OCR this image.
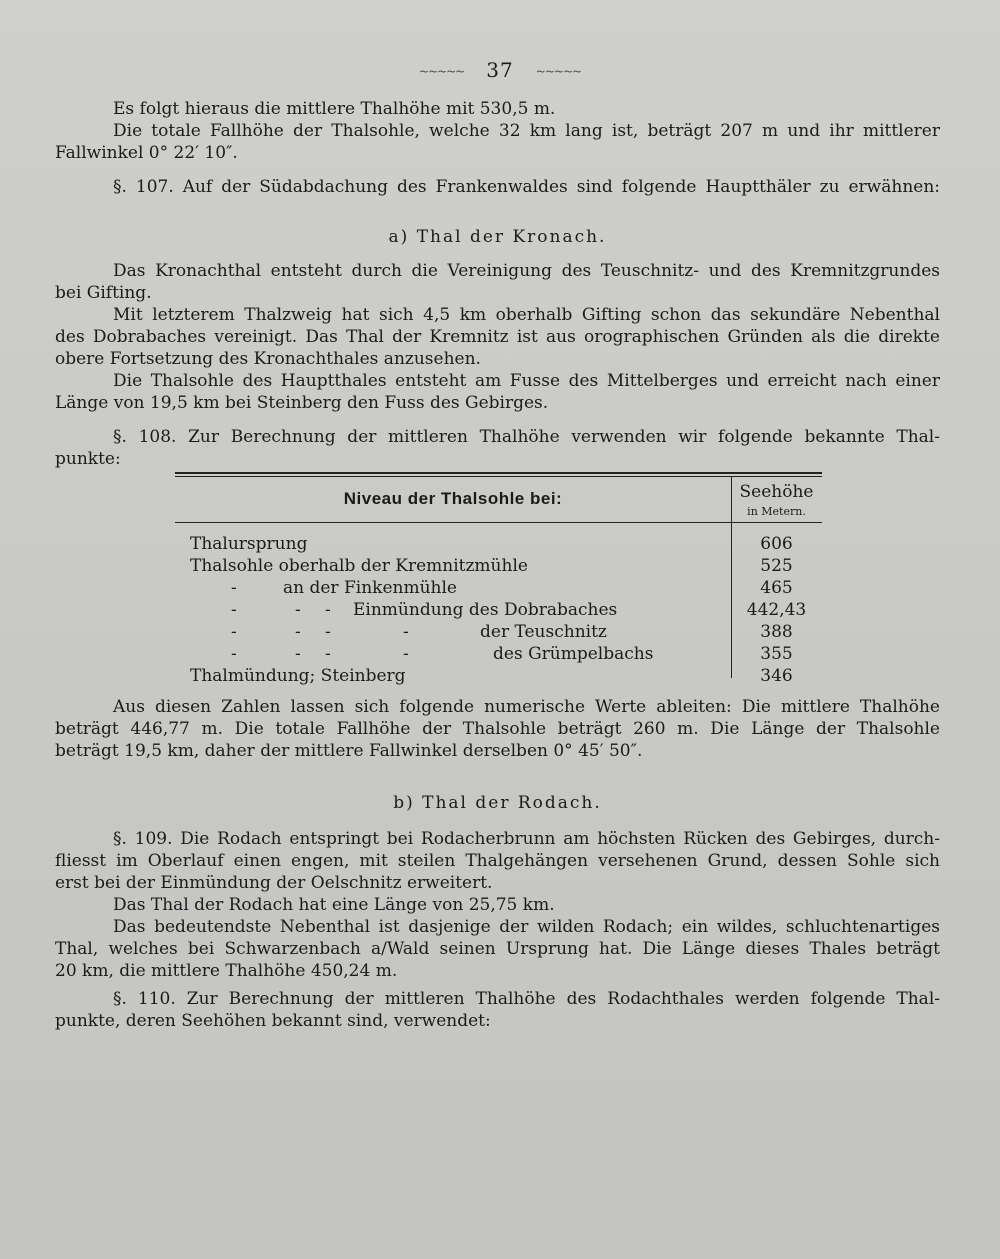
~~~~~ 37 ~~~~~
Es folgt hieraus die mittlere Thalhöhe mit 530,5 m.
Die totale Fallhöhe der Thalsohle, welche 32 km lang ist, beträgt 207 m und ihr mittlerer
Fallwinkel 0° 22′ 10″.
§. 107. Auf der Südabdachung des Frankenwaldes sind folgende Hauptthäler zu erwähnen:
a) Thal der Kronach.
Das Kronachthal entsteht durch die Vereinigung des Teuschnitz- und des Kremnitzgrundes
bei Gifting.
Mit letzterem Thalzweig hat sich 4,5 km oberhalb Gifting schon das sekundäre Nebenthal
des Dobrabaches vereinigt. Das Thal der Kremnitz ist aus orographischen Gründen als die direkte
obere Fortsetzung des Kronachthales anzusehen.
Die Thalsohle des Hauptthales entsteht am Fusse des Mittelberges und erreicht nach einer
Länge von 19,5 km bei Steinberg den Fuss des Gebirges.
§. 108. Zur Berechnung der mittleren Thalhöhe verwenden wir folgende bekannte Thal-
punkte:
Niveau der Thalsohle bei:	Seehöhe
in Metern.
Thalursprung	606
Thalsohle oberhalb der Kremnitzmühle	525
-	an der Finkenmühle	465
-	- - Einmündung des Dobrabaches	442,43
-	- -	-	der Teuschnitz	388
-	- -	-	des Grümpelbachs	355
Thalmündung; Steinberg	346
Aus diesen Zahlen lassen sich folgende numerische Werte ableiten: Die mittlere Thalhöhe
beträgt 446,77 m. Die totale Fallhöhe der Thalsohle beträgt 260 m. Die Länge der Thalsohle
beträgt 19,5 km, daher der mittlere Fallwinkel derselben 0° 45′ 50″.
b) Thal der Rodach.
§. 109. Die Rodach entspringt bei Rodacherbrunn am höchsten Rücken des Gebirges, durch-
fliesst im Oberlauf einen engen, mit steilen Thalgehängen versehenen Grund, dessen Sohle sich
erst bei der Einmündung der Oelschnitz erweitert.
Das Thal der Rodach hat eine Länge von 25,75 km.
Das bedeutendste Nebenthal ist dasjenige der wilden Rodach; ein wildes, schluchtenartiges
Thal, welches bei Schwarzenbach a/Wald seinen Ursprung hat. Die Länge dieses Thales beträgt
20 km, die mittlere Thalhöhe 450,24 m.
§. 110. Zur Berechnung der mittleren Thalhöhe des Rodachthales werden folgende Thal-
punkte, deren Seehöhen bekannt sind, verwendet:
